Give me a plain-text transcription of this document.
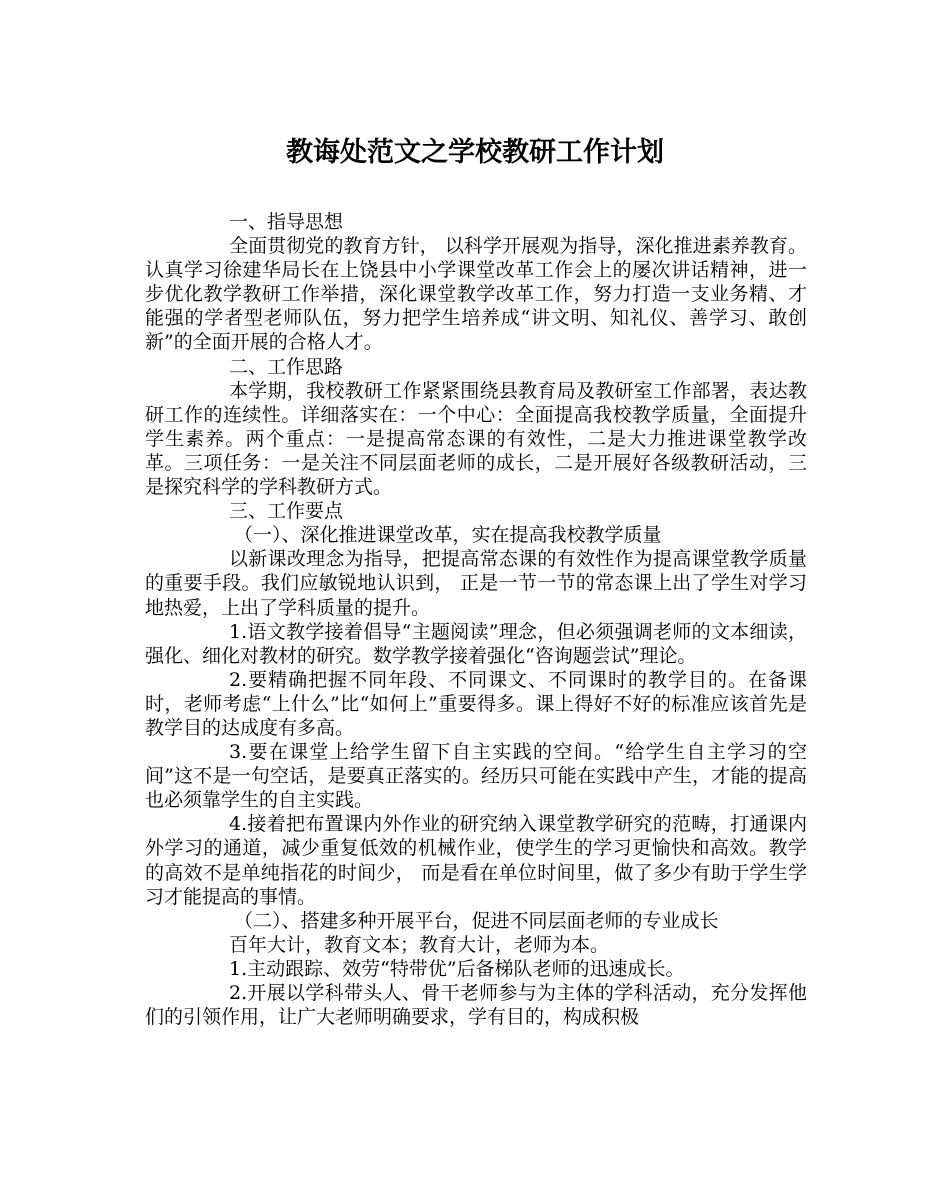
教诲处范文之学校教研工作计划

一、指导思想

全面贯彻党的教育方针， 以科学开展观为指导，深化推进素养教育。认真学习徐建华局长在上饶县中小学课堂改革工作会上的屡次讲话精神，进一步优化教学教研工作举措，深化课堂教学改革工作，努力打造一支业务精、才能强的学者型老师队伍，努力把学生培养成“讲文明、知礼仪、善学习、敢创新”的全面开展的合格人才。

二、工作思路

本学期，我校教研工作紧紧围绕县教育局及教研室工作部署，表达教研工作的连续性。详细落实在：一个中心：全面提高我校教学质量，全面提升学生素养。两个重点：一是提高常态课的有效性，二是大力推进课堂教学改革。三项任务：一是关注不同层面老师的成长，二是开展好各级教研活动，三是探究科学的学科教研方式。

三、工作要点

（一）、深化推进课堂改革，实在提高我校教学质量

以新课改理念为指导，把提高常态课的有效性作为提高课堂教学质量的重要手段。我们应敏锐地认识到， 正是一节一节的常态课上出了学生对学习地热爱，上出了学科质量的提升。

1.语文教学接着倡导“主题阅读”理念，但必须强调老师的文本细读，强化、细化对教材的研究。数学教学接着强化“咨询题尝试”理论。

2.要精确把握不同年段、不同课文、不同课时的教学目的。在备课时，老师考虑“上什么”比“如何上”重要得多。课上得好不好的标准应该首先是教学目的达成度有多高。

3.要在课堂上给学生留下自主实践的空间。“给学生自主学习的空间”这不是一句空话，是要真正落实的。经历只可能在实践中产生，才能的提高也必须靠学生的自主实践。

4.接着把布置课内外作业的研究纳入课堂教学研究的范畴，打通课内外学习的通道，减少重复低效的机械作业，使学生的学习更愉快和高效。教学的高效不是单纯指花的时间少， 而是看在单位时间里，做了多少有助于学生学习才能提高的事情。

（二）、搭建多种开展平台，促进不同层面老师的专业成长

百年大计，教育文本；教育大计，老师为本。

1.主动跟踪、效劳“特带优”后备梯队老师的迅速成长。

2.开展以学科带头人、骨干老师参与为主体的学科活动，充分发挥他们的引领作用，让广大老师明确要求，学有目的，构成积极
